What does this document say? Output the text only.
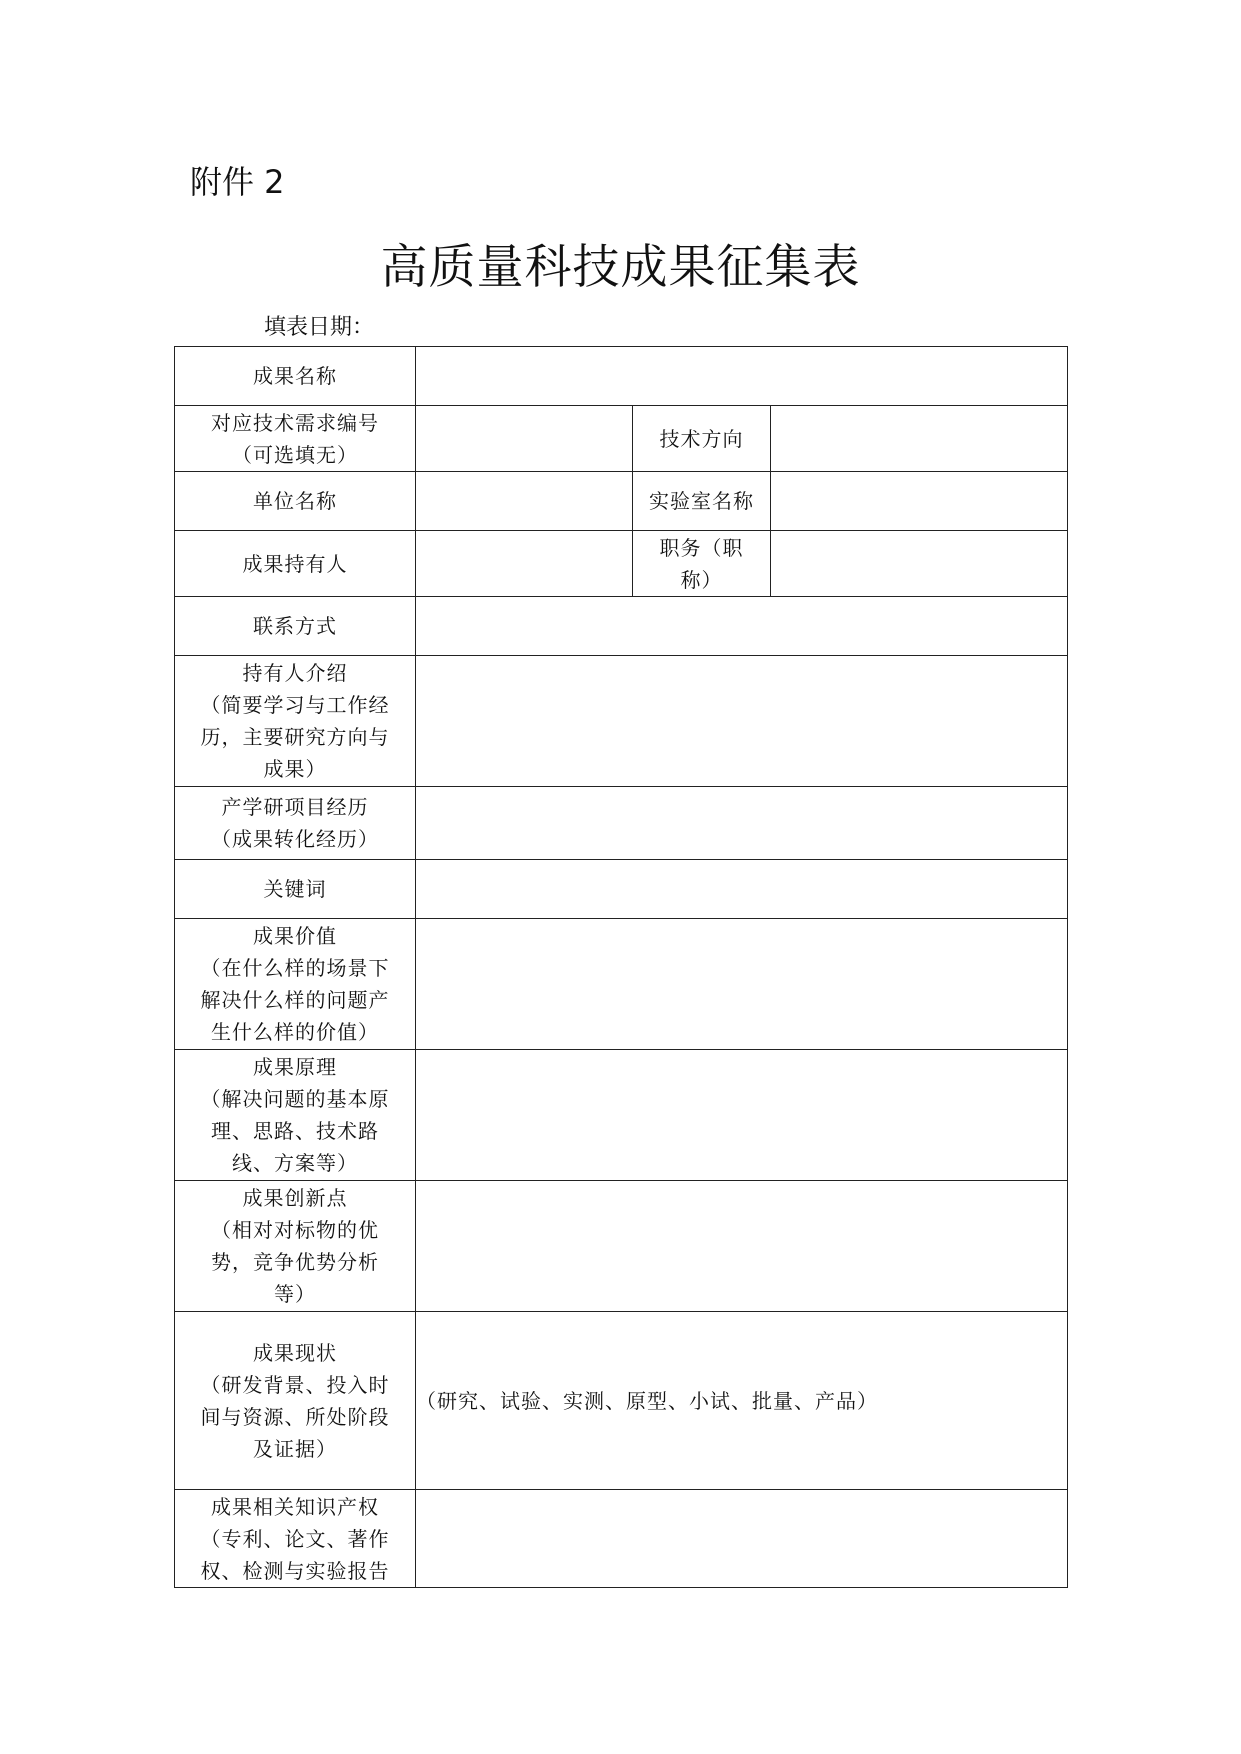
附件 2
高质量科技成果征集表
填表日期：
成果名称			

对应技术需求编号
（可选填无）		技术方向	
单位名称		实验室名称	
成果持有人		职务（职
称）	

联系方式			

持有人介绍
（简要学习与工作经
历，主要研究方向与
成果）			

产学研项目经历
（成果转化经历）			

关键词			

成果价值
（在什么样的场景下
解决什么样的问题产
生什么样的价值）			

成果原理
（解决问题的基本原
理、思路、技术路
线、方案等）			

成果创新点
（相对对标物的优
势，竞争优势分析
等）			

成果现状
（研发背景、投入时
间与资源、所处阶段
及证据）	（研究、试验、实测、原型、小试、批量、产品）		

成果相关知识产权
（专利、论文、著作
权、检测与实验报告			
